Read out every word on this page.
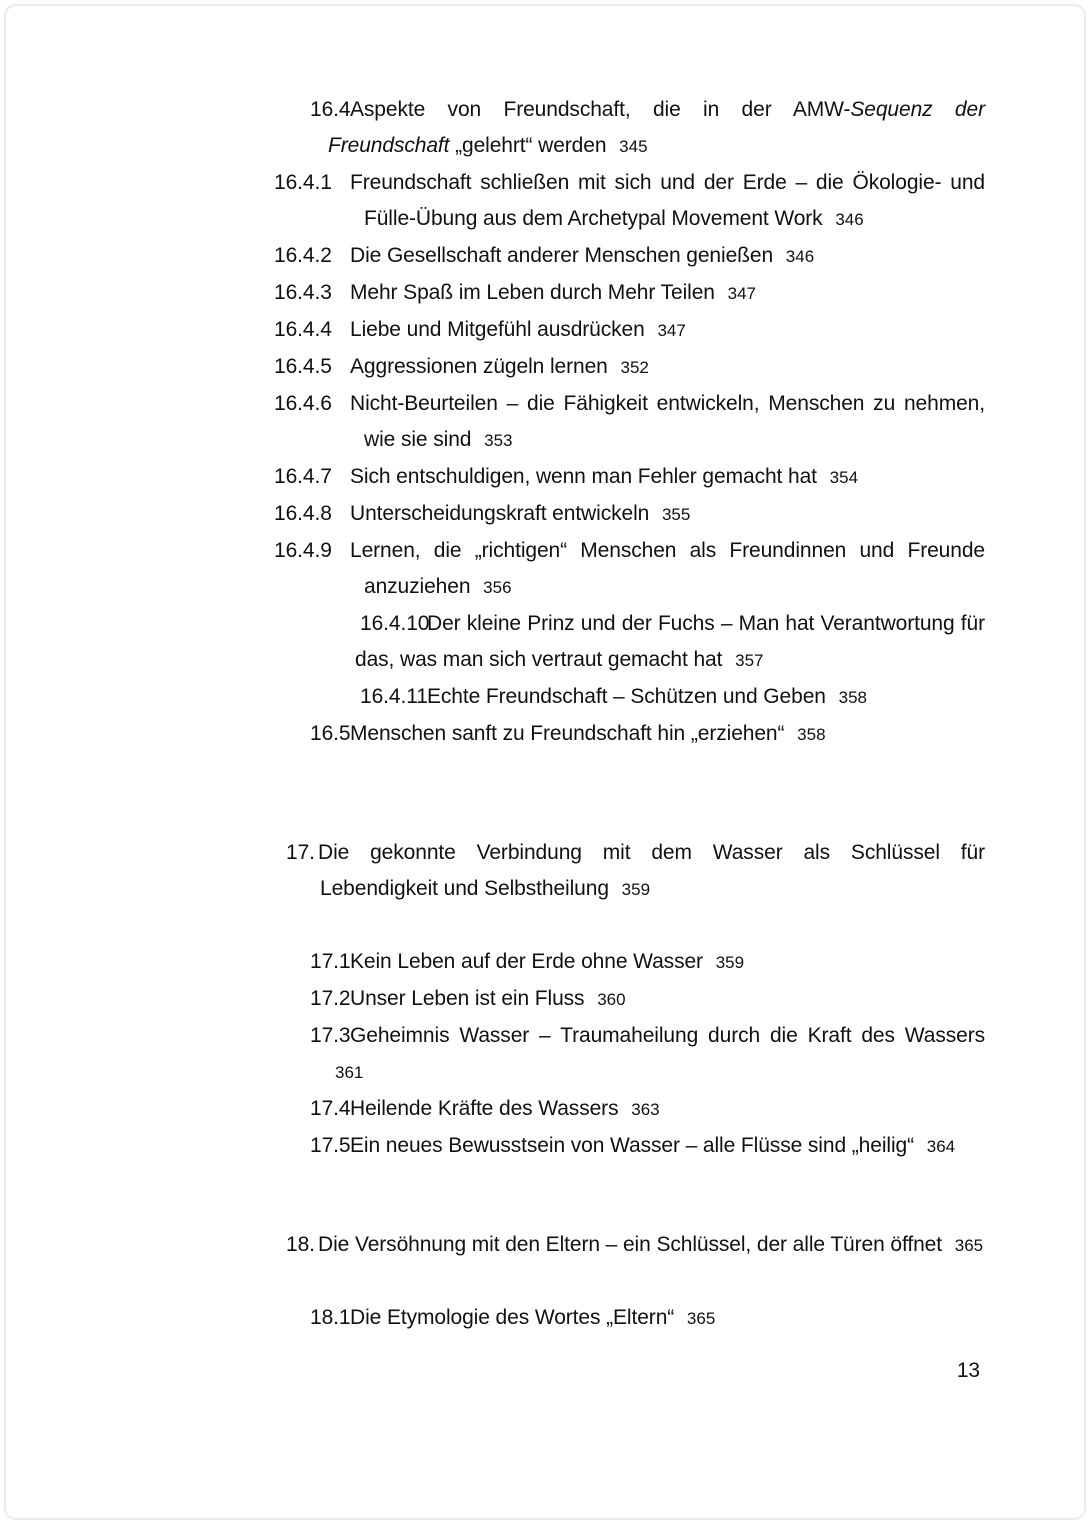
16.4 Aspekte von Freundschaft, die in der AMW-Sequenz der Freundschaft „gelehrt“ werden 345

16.4.1 Freundschaft schließen mit sich und der Erde – die Ökologie- und Fülle-Übung aus dem Archetypal Movement Work 346

16.4.2 Die Gesellschaft anderer Menschen genießen 346

16.4.3 Mehr Spaß im Leben durch Mehr Teilen 347

16.4.4 Liebe und Mitgefühl ausdrücken 347

16.4.5 Aggressionen zügeln lernen 352

16.4.6 Nicht-Beurteilen – die Fähigkeit entwickeln, Menschen zu nehmen, wie sie sind 353

16.4.7 Sich entschuldigen, wenn man Fehler gemacht hat 354

16.4.8 Unterscheidungskraft entwickeln 355

16.4.9 Lernen, die „richtigen“ Menschen als Freundinnen und Freunde anzuziehen 356

16.4.10
Der kleine Prinz und der Fuchs – Man hat Verantwortung für das, was man sich vertraut gemacht hat 357

16.4.11 Echte Freundschaft – Schützen und Geben 358

16.5 Menschen sanft zu Freundschaft hin „erziehen“ 358

17. Die gekonnte Verbindung mit dem Wasser als Schlüssel für Lebendigkeit und Selbstheilung 359

17.1 Kein Leben auf der Erde ohne Wasser 359

17.2 Unser Leben ist ein Fluss 360

17.3 Geheimnis Wasser – Traumaheilung durch die Kraft des Wassers 361

17.4 Heilende Kräfte des Wassers 363

17.5 Ein neues Bewusstsein von Wasser – alle Flüsse sind „heilig“ 364

18. Die Versöhnung mit den Eltern – ein Schlüssel, der alle Türen öffnet 365

18.1 Die Etymologie des Wortes „Eltern“ 365

13
